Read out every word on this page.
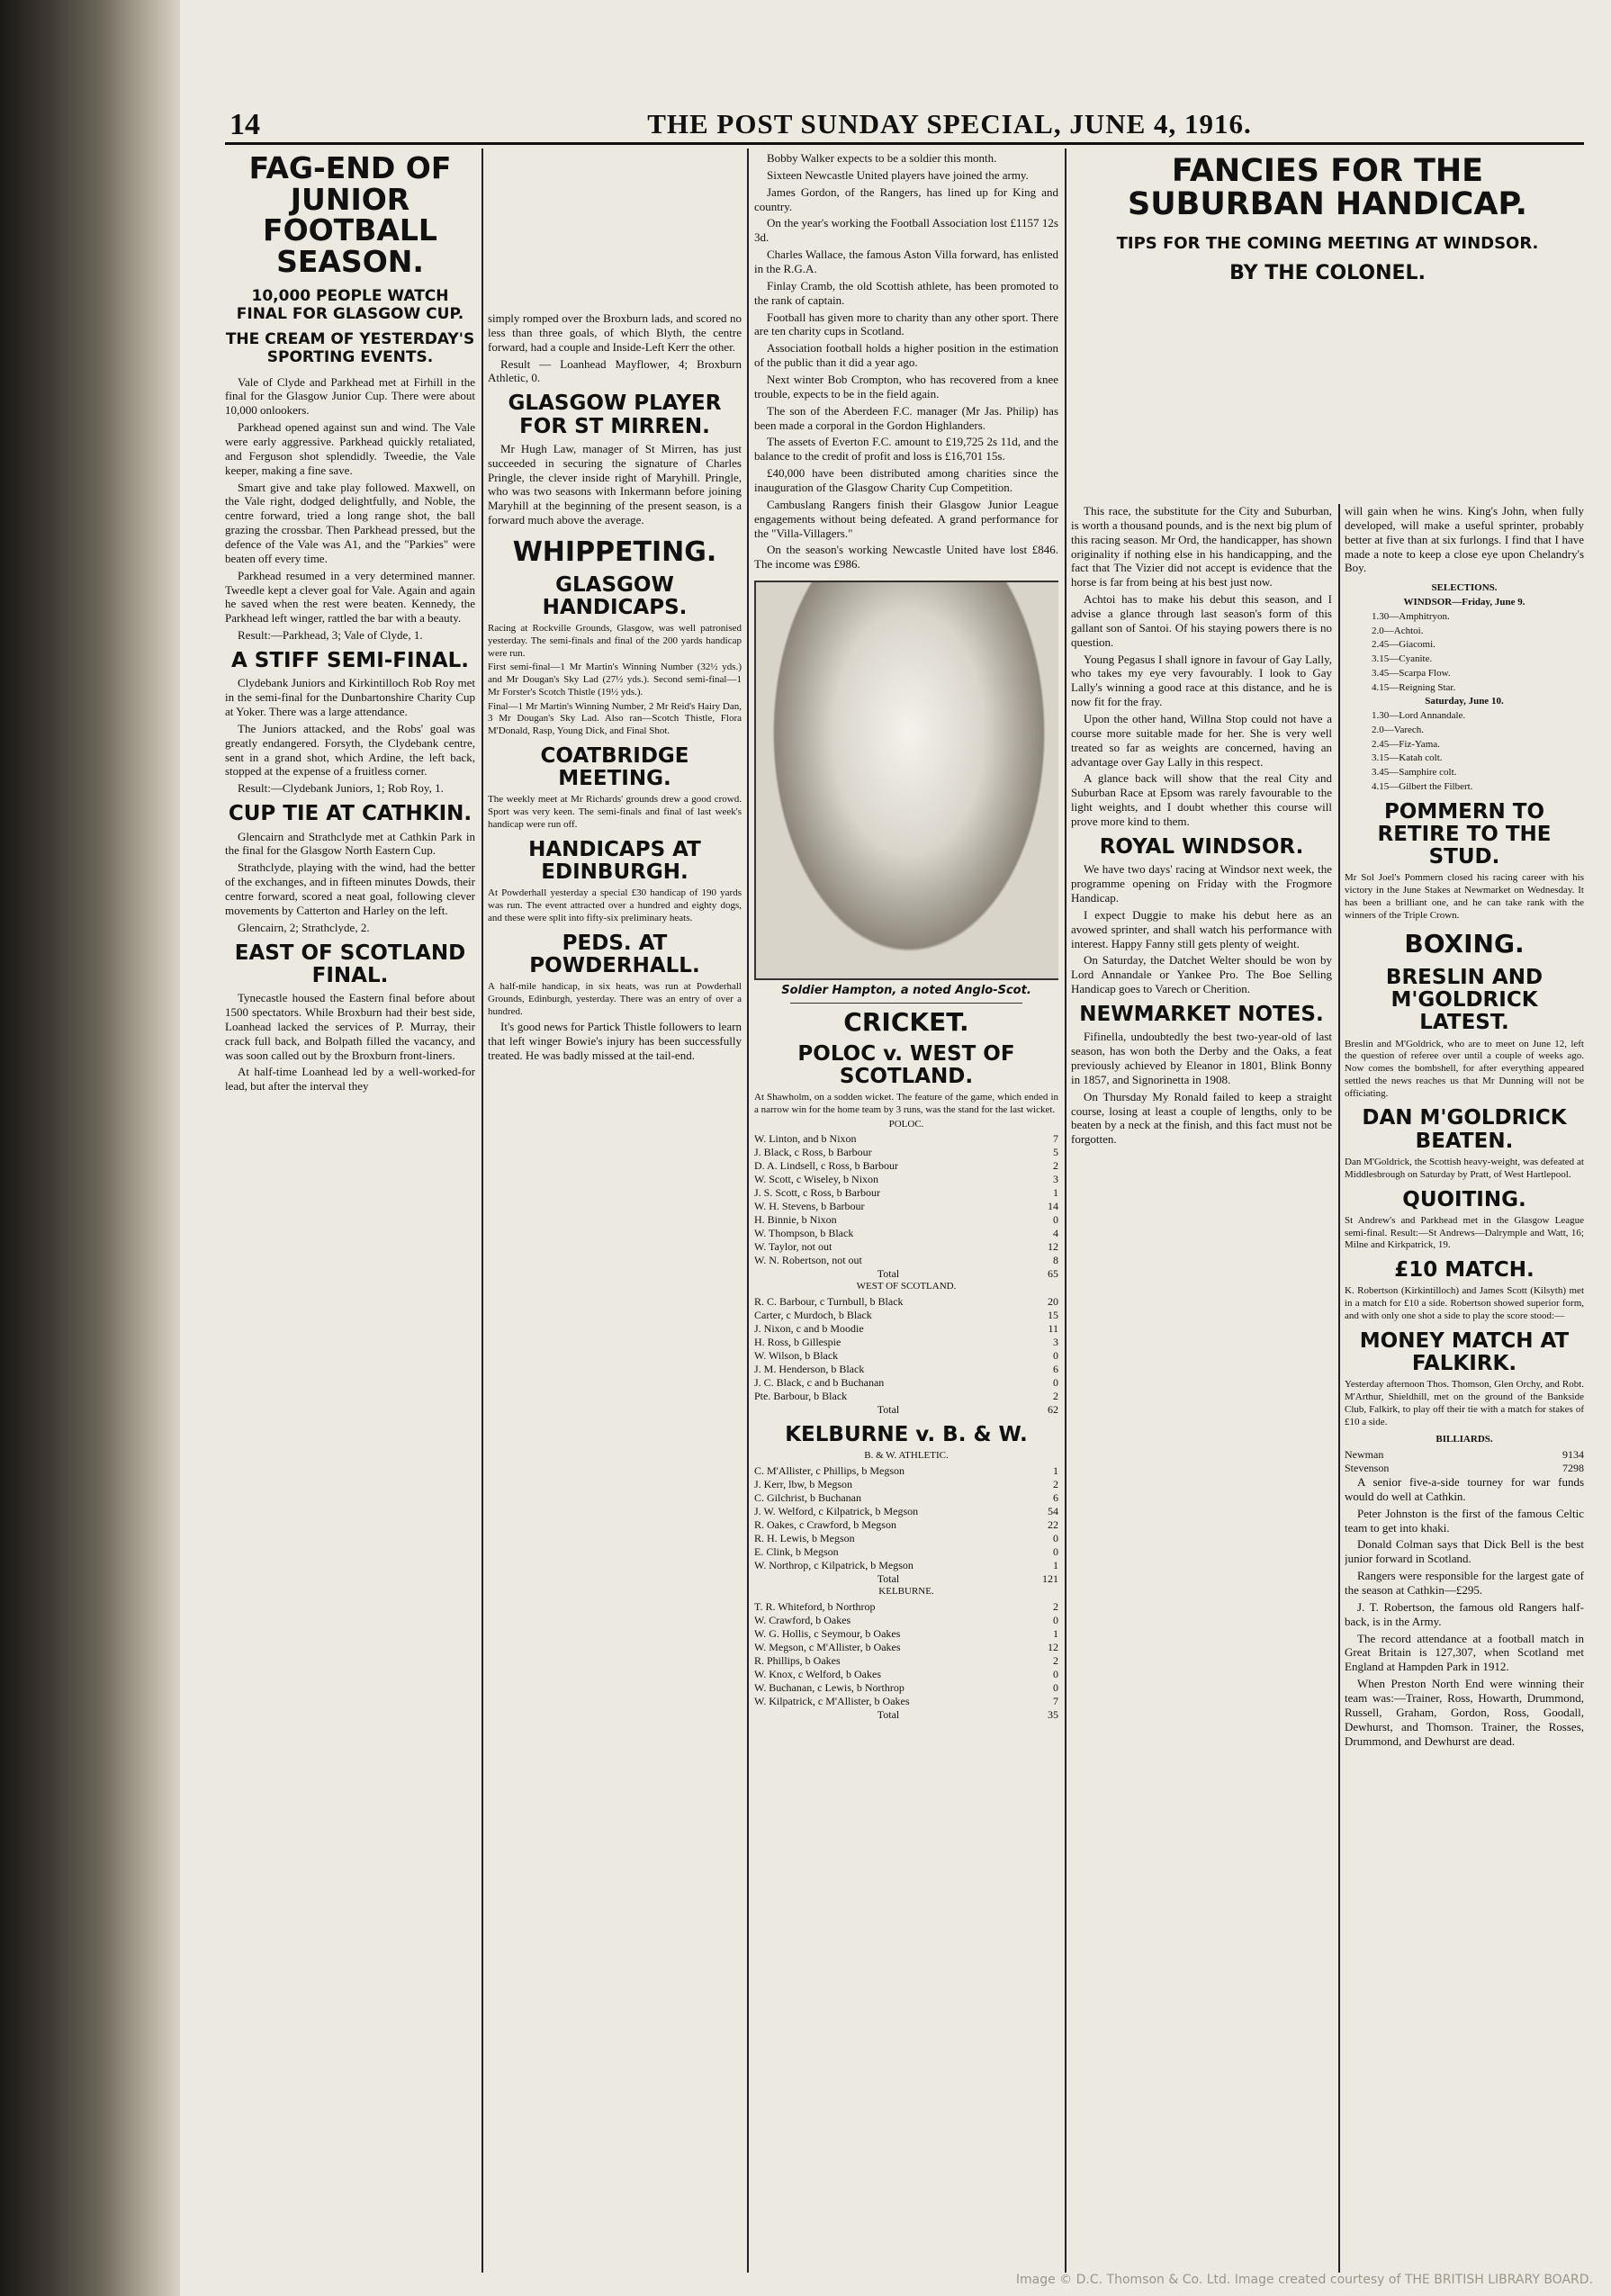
14	THE POST SUNDAY SPECIAL, JUNE 4, 1916.
FAG-END OF JUNIOR FOOTBALL SEASON.
10,000 PEOPLE WATCH FINAL FOR GLASGOW CUP.
THE CREAM OF YESTERDAY'S SPORTING EVENTS.

Vale of Clyde and Parkhead met at Firhill in the final for the Glasgow Junior Cup. There were about 10,000 onlookers.

Parkhead opened against sun and wind. The Vale were early aggressive. Parkhead quickly retaliated, and Ferguson shot splendidly. Tweedie, the Vale keeper, making a fine save.

Smart give and take play followed. Maxwell, on the Vale right, dodged delightfully, and Noble, the centre forward, tried a long range shot, the ball grazing the crossbar. Then Parkhead pressed, but the defence of the Vale was A1, and the "Parkies" were beaten off every time.

Parkhead resumed in a very determined manner. Tweedle kept a clever goal for Vale. Again and again he saved when the rest were beaten. Kennedy, the Parkhead left winger, rattled the bar with a beauty.

Result:—Parkhead, 3; Vale of Clyde, 1.

A STIFF SEMI-FINAL.

Clydebank Juniors and Kirkintilloch Rob Roy met in the semi-final for the Dunbartonshire Charity Cup at Yoker. There was a large attendance.

The Juniors attacked, and the Robs' goal was greatly endangered. Forsyth, the Clydebank centre, sent in a grand shot, which Ardine, the left back, stopped at the expense of a fruitless corner.

Result:—Clydebank Juniors, 1; Rob Roy, 1.

CUP TIE AT CATHKIN.

Glencairn and Strathclyde met at Cathkin Park in the final for the Glasgow North Eastern Cup.

Strathclyde, playing with the wind, had the better of the exchanges, and in fifteen minutes Dowds, their centre forward, scored a neat goal, following clever movements by Catterton and Harley on the left.

Glencairn, 2; Strathclyde, 2.

EAST OF SCOTLAND FINAL.

Tynecastle housed the Eastern final before about 1500 spectators. While Broxburn had their best side, Loanhead lacked the services of P. Murray, their crack full back, and Bolpath filled the vacancy, and was soon called out by the Broxburn front-liners.

At half-time Loanhead led by a well-worked-for lead, but after the interval they

simply romped over the Broxburn lads, and scored no less than three goals, of which Blyth, the centre forward, had a couple and Inside-Left Kerr the other.

Result — Loanhead Mayflower, 4; Broxburn Athletic, 0.

GLASGOW PLAYER FOR ST MIRREN.

Mr Hugh Law, manager of St Mirren, has just succeeded in securing the signature of Charles Pringle, the clever inside right of Maryhill. Pringle, who was two seasons with Inkermann before joining Maryhill at the beginning of the present season, is a forward much above the average.

WHIPPETING.
GLASGOW HANDICAPS.

Racing at Rockville Grounds, Glasgow, was well patronised yesterday. The semi-finals and final of the 200 yards handicap were run.

First semi-final—1 Mr Martin's Winning Number (32½ yds.) and Mr Dougan's Sky Lad (27½ yds.). Second semi-final—1 Mr Forster's Scotch Thistle (19½ yds.).

Final—1 Mr Martin's Winning Number, 2 Mr Reid's Hairy Dan, 3 Mr Dougan's Sky Lad. Also ran—Scotch Thistle, Flora M'Donald, Rasp, Young Dick, and Final Shot.

COATBRIDGE MEETING.

The weekly meet at Mr Richards' grounds drew a good crowd. Sport was very keen. The semi-finals and final of last week's handicap were run off.

HANDICAPS AT EDINBURGH.

At Powderhall yesterday a special £30 handicap of 190 yards was run. The event attracted over a hundred and eighty dogs, and these were split into fifty-six preliminary heats.

PEDS. AT POWDERHALL.

A half-mile handicap, in six heats, was run at Powderhall Grounds, Edinburgh, yesterday. There was an entry of over a hundred.

It's good news for Partick Thistle followers to learn that left winger Bowie's injury has been successfully treated. He was badly missed at the tail-end.

Bobby Walker expects to be a soldier this month.

Sixteen Newcastle United players have joined the army.

James Gordon, of the Rangers, has lined up for King and country.

On the year's working the Football Association lost £1157 12s 3d.

Charles Wallace, the famous Aston Villa forward, has enlisted in the R.G.A.

Finlay Cramb, the old Scottish athlete, has been promoted to the rank of captain.

Football has given more to charity than any other sport. There are ten charity cups in Scotland.

Association football holds a higher position in the estimation of the public than it did a year ago.

Next winter Bob Crompton, who has recovered from a knee trouble, expects to be in the field again.

The son of the Aberdeen F.C. manager (Mr Jas. Philip) has been made a corporal in the Gordon Highlanders.

The assets of Everton F.C. amount to £19,725 2s 11d, and the balance to the credit of profit and loss is £16,701 15s.

£40,000 have been distributed among charities since the inauguration of the Glasgow Charity Cup Competition.

Cambuslang Rangers finish their Glasgow Junior League engagements without being defeated. A grand performance for the "Villa-Villagers."

On the season's working Newcastle United have lost £846. The income was £986.

Soldier Hampton, a noted Anglo-Scot.
CRICKET.
POLOC v. WEST OF SCOTLAND.

At Shawholm, on a sodden wicket. The feature of the game, which ended in a narrow win for the home team by 3 runs, was the stand for the last wicket.

POLOC.
W. Linton, and b Nixon	7
J. Black, c Ross, b Barbour	5
D. A. Lindsell, c Ross, b Barbour	2
W. Scott, c Wiseley, b Nixon	3
J. S. Scott, c Ross, b Barbour	1
W. H. Stevens, b Barbour	14
H. Binnie, b Nixon	0
W. Thompson, b Black	4
W. Taylor, not out	12
W. N. Robertson, not out	8
Total	65
WEST OF SCOTLAND.
R. C. Barbour, c Turnbull, b Black	20
Carter, c Murdoch, b Black	15
J. Nixon, c and b Moodie	11
H. Ross, b Gillespie	3
W. Wilson, b Black	0
J. M. Henderson, b Black	6
J. C. Black, c and b Buchanan	0
Pte. Barbour, b Black	2
Total	62
KELBURNE v. B. & W.
B. & W. ATHLETIC.
C. M'Allister, c Phillips, b Megson	1
J. Kerr, lbw, b Megson	2
C. Gilchrist, b Buchanan	6
J. W. Welford, c Kilpatrick, b Megson	54
R. Oakes, c Crawford, b Megson	22
R. H. Lewis, b Megson	0
E. Clink, b Megson	0
W. Northrop, c Kilpatrick, b Megson	1
Total	121
KELBURNE.
T. R. Whiteford, b Northrop	2
W. Crawford, b Oakes	0
W. G. Hollis, c Seymour, b Oakes	1
W. Megson, c M'Allister, b Oakes	12
R. Phillips, b Oakes	2
W. Knox, c Welford, b Oakes	0
W. Buchanan, c Lewis, b Northrop	0
W. Kilpatrick, c M'Allister, b Oakes	7
Total	35
FANCIES FOR THE SUBURBAN HANDICAP.
TIPS FOR THE COMING MEETING AT WINDSOR.
BY THE COLONEL.

This race, the substitute for the City and Suburban, is worth a thousand pounds, and is the next big plum of this racing season. Mr Ord, the handicapper, has shown originality if nothing else in his handicapping, and the fact that The Vizier did not accept is evidence that the horse is far from being at his best just now.

Achtoi has to make his debut this season, and I advise a glance through last season's form of this gallant son of Santoi. Of his staying powers there is no question.

Young Pegasus I shall ignore in favour of Gay Lally, who takes my eye very favourably. I look to Gay Lally's winning a good race at this distance, and he is now fit for the fray.

Upon the other hand, Willna Stop could not have a course more suitable made for her. She is very well treated so far as weights are concerned, having an advantage over Gay Lally in this respect.

A glance back will show that the real City and Suburban Race at Epsom was rarely favourable to the light weights, and I doubt whether this course will prove more kind to them.

ROYAL WINDSOR.

We have two days' racing at Windsor next week, the programme opening on Friday with the Frogmore Handicap.

I expect Duggie to make his debut here as an avowed sprinter, and shall watch his performance with interest. Happy Fanny still gets plenty of weight.

On Saturday, the Datchet Welter should be won by Lord Annandale or Yankee Pro. The Boe Selling Handicap goes to Varech or Cherition.

NEWMARKET NOTES.

Fifinella, undoubtedly the best two-year-old of last season, has won both the Derby and the Oaks, a feat previously achieved by Eleanor in 1801, Blink Bonny in 1857, and Signorinetta in 1908.

On Thursday My Ronald failed to keep a straight course, losing at least a couple of lengths, only to be beaten by a neck at the finish, and this fact must not be forgotten.

will gain when he wins. King's John, when fully developed, will make a useful sprinter, probably better at five than at six furlongs. I find that I have made a note to keep a close eye upon Chelandry's Boy.

SELECTIONS.
WINDSOR—Friday, June 9.
1.30—Amphitryon.
2.0—Achtoi.
2.45—Giacomi.
3.15—Cyanite.
3.45—Scarpa Flow.
4.15—Reigning Star.
Saturday, June 10.
1.30—Lord Annandale.
2.0—Varech.
2.45—Fiz-Yama.
3.15—Katah colt.
3.45—Samphire colt.
4.15—Gilbert the Filbert.
POMMERN TO RETIRE TO THE STUD.

Mr Sol Joel's Pommern closed his racing career with his victory in the June Stakes at Newmarket on Wednesday. It has been a brilliant one, and he can take rank with the winners of the Triple Crown.

BOXING.
BRESLIN AND M'GOLDRICK LATEST.

Breslin and M'Goldrick, who are to meet on June 12, left the question of referee over until a couple of weeks ago. Now comes the bombshell, for after everything appeared settled the news reaches us that Mr Dunning will not be officiating.

DAN M'GOLDRICK BEATEN.

Dan M'Goldrick, the Scottish heavy-weight, was defeated at Middlesbrough on Saturday by Pratt, of West Hartlepool.

QUOITING.

St Andrew's and Parkhead met in the Glasgow League semi-final. Result:—St Andrews—Dalrymple and Watt, 16; Milne and Kirkpatrick, 19.

£10 MATCH.

K. Robertson (Kirkintilloch) and James Scott (Kilsyth) met in a match for £10 a side. Robertson showed superior form, and with only one shot a side to play the score stood:—

MONEY MATCH AT FALKIRK.

Yesterday afternoon Thos. Thomson, Glen Orchy, and Robt. M'Arthur, Shieldhill, met on the ground of the Bankside Club, Falkirk, to play off their tie with a match for stakes of £10 a side.

BILLIARDS.
Newman	9134
Stevenson	7298

A senior five-a-side tourney for war funds would do well at Cathkin.

Peter Johnston is the first of the famous Celtic team to get into khaki.

Donald Colman says that Dick Bell is the best junior forward in Scotland.

Rangers were responsible for the largest gate of the season at Cathkin—£295.

J. T. Robertson, the famous old Rangers half-back, is in the Army.

The record attendance at a football match in Great Britain is 127,307, when Scotland met England at Hampden Park in 1912.

When Preston North End were winning their team was:—Trainer, Ross, Howarth, Drummond, Russell, Graham, Gordon, Ross, Goodall, Dewhurst, and Thomson. Trainer, the Rosses, Drummond, and Dewhurst are dead.

Image © D.C. Thomson & Co. Ltd. Image created courtesy of THE BRITISH LIBRARY BOARD.
